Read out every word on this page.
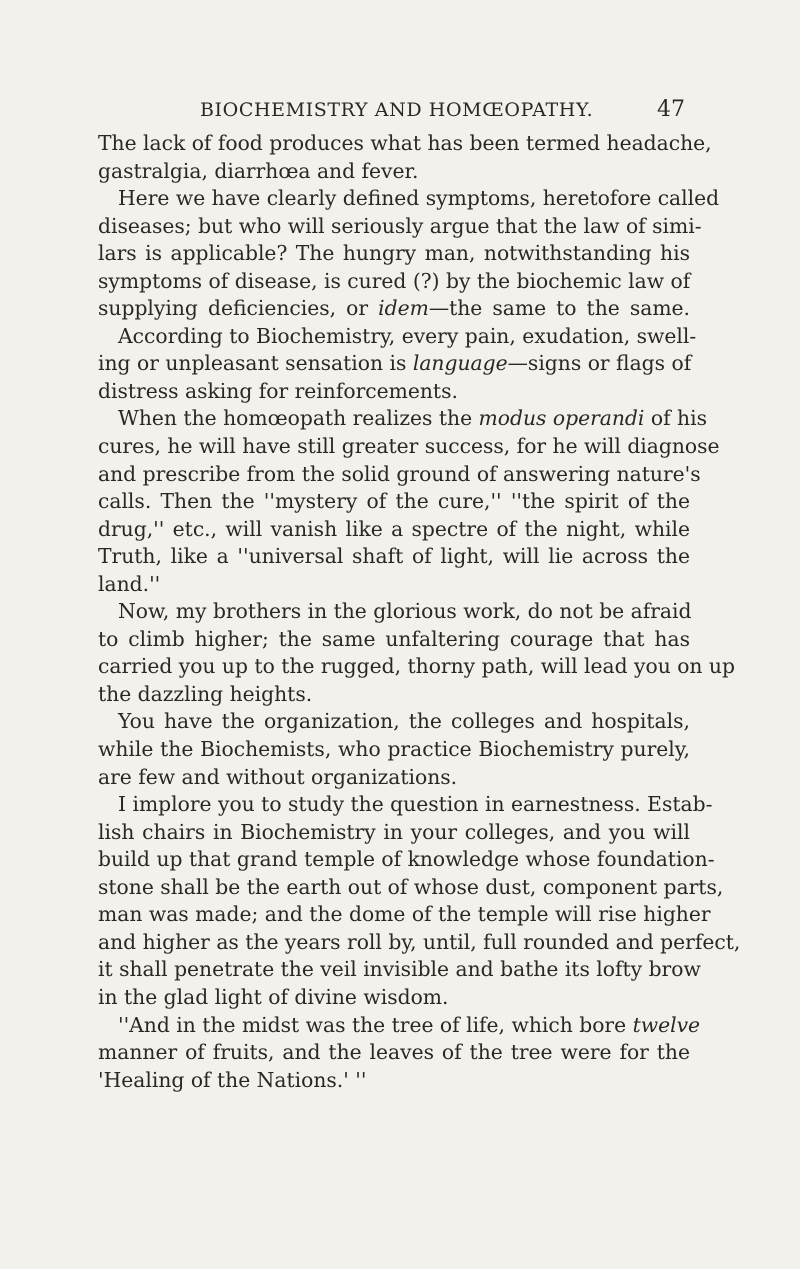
BIOCHEMISTRY AND HOMŒOPATHY.	47
The lack of food produces what has been termed headache,
gastralgia, diarrhœa and fever.
Here we have clearly defined symptoms, heretofore called
diseases; but who will seriously argue that the law of simi-
lars is applicable? The hungry man, notwithstanding his
symptoms of disease, is cured (?) by the biochemic law of
supplying deficiencies, or idem—the same to the same.
According to Biochemistry, every pain, exudation, swell-
ing or unpleasant sensation is language—signs or flags of
distress asking for reinforcements.
When the homœopath realizes the modus operandi of his
cures, he will have still greater success, for he will diagnose
and prescribe from the solid ground of answering nature's
calls. Then the ''mystery of the cure,'' ''the spirit of the
drug,'' etc., will vanish like a spectre of the night, while
Truth, like a ''universal shaft of light, will lie across the
land.''
Now, my brothers in the glorious work, do not be afraid
to climb higher; the same unfaltering courage that has
carried you up to the rugged, thorny path, will lead you on up
the dazzling heights.
You have the organization, the colleges and hospitals,
while the Biochemists, who practice Biochemistry purely,
are few and without organizations.
I implore you to study the question in earnestness. Estab-
lish chairs in Biochemistry in your colleges, and you will
build up that grand temple of knowledge whose foundation-
stone shall be the earth out of whose dust, component parts,
man was made; and the dome of the temple will rise higher
and higher as the years roll by, until, full rounded and perfect,
it shall penetrate the veil invisible and bathe its lofty brow
in the glad light of divine wisdom.
''And in the midst was the tree of life, which bore twelve
manner of fruits, and the leaves of the tree were for the
'Healing of the Nations.' ''
